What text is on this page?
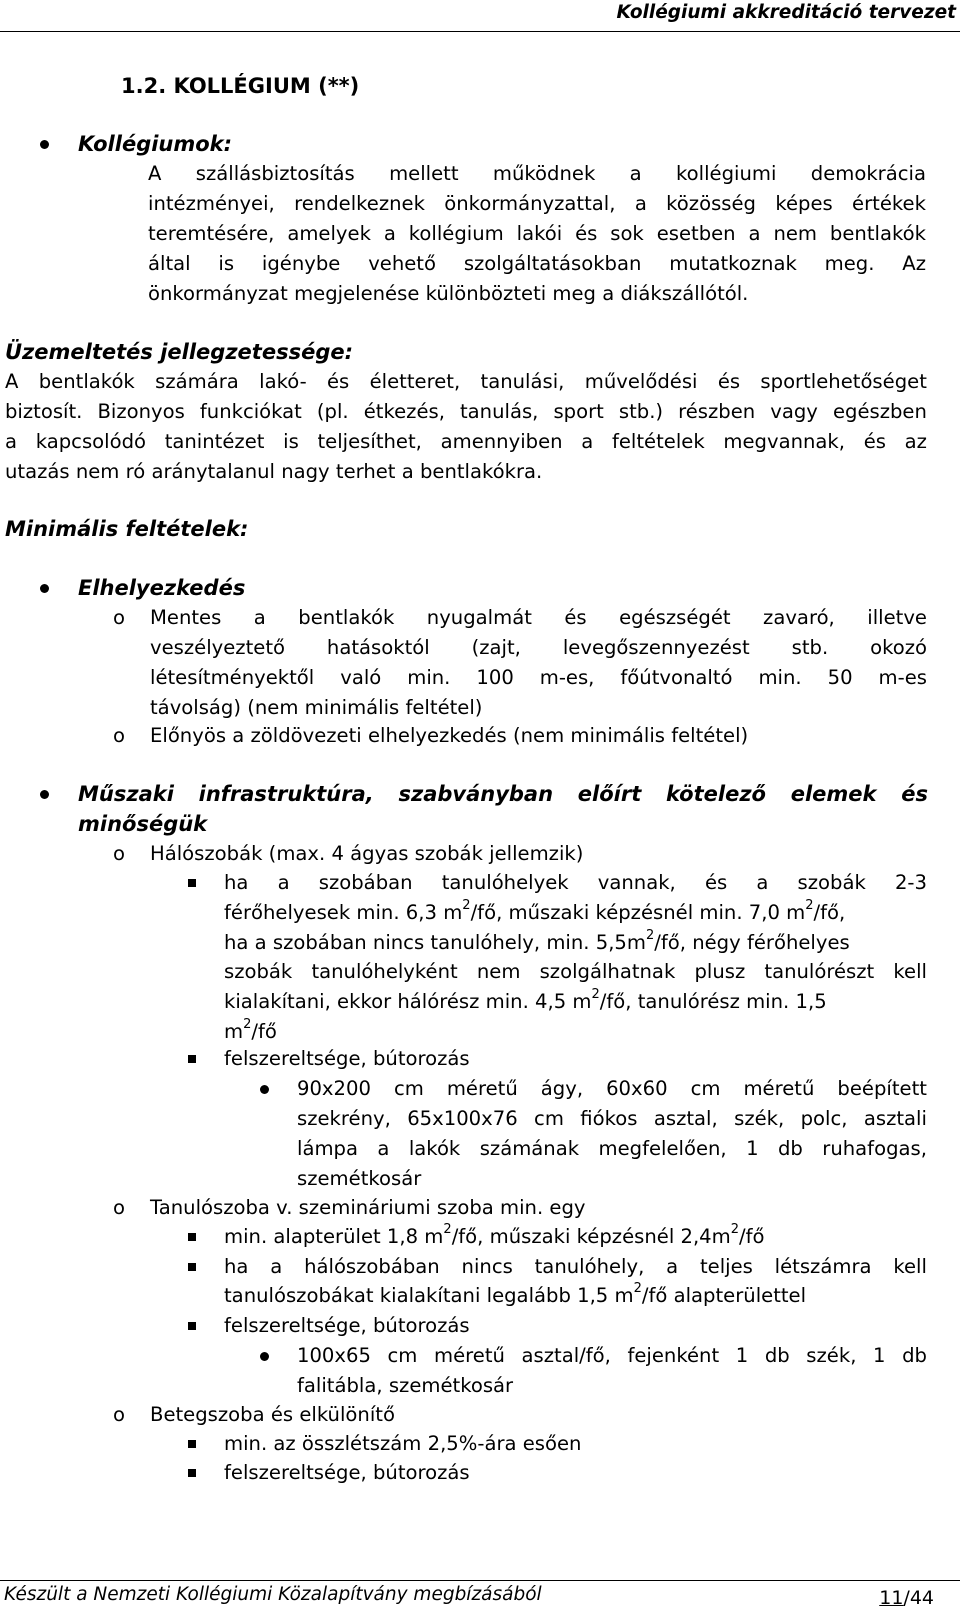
Kollégiumi akkreditáció tervezet
1.2. KOLLÉGIUM (**)
Kollégiumok:
A szállásbiztosítás mellett működnek a kollégiumi demokrácia
intézményei, rendelkeznek önkormányzattal, a közösség képes értékek
teremtésére, amelyek a kollégium lakói és sok esetben a nem bentlakók
által is igénybe vehető szolgáltatásokban mutatkoznak meg. Az
önkormányzat megjelenése különbözteti meg a diákszállótól.
Üzemeltetés jellegzetessége:
A bentlakók számára lakó- és életteret, tanulási, művelődési és sportlehetőséget
biztosít. Bizonyos funkciókat (pl. étkezés, tanulás, sport stb.) részben vagy egészben
a kapcsolódó tanintézet is teljesíthet, amennyiben a feltételek megvannak, és az
utazás nem ró aránytalanul nagy terhet a bentlakókra.
Minimális feltételek:
Elhelyezkedés
o Mentes a bentlakók nyugalmát és egészségét zavaró, illetve
veszélyeztető hatásoktól (zajt, levegőszennyezést stb. okozó
létesítményektől való min. 100 m-es, főútvonaltó min. 50 m-es
távolság) (nem minimális feltétel)
o Előnyös a zöldövezeti elhelyezkedés (nem minimális feltétel)
Műszaki infrastruktúra, szabványban előírt kötelező elemek és
minőségük
o Hálószobák (max. 4 ágyas szobák jellemzik)
ha a szobában tanulóhelyek vannak, és a szobák 2-3
férőhelyesek min. 6,3 $m^2/fő$, műszaki képzésnél min. 7,0 $m^2/fő$,
ha a szobában nincs tanulóhely, min. $5,5m^2/fő$, négy férőhelyes
szobák tanulóhelyként nem szolgálhatnak plusz tanulórészt kell
kialakítani, ekkor hálórész min. 4,5 $m^2/fő$, tanulórész min. 1,5
$m^2/fő$
felszereltsége, bútorozás
90x200 cm méretű ágy, 60x60 cm méretű beépített
szekrény, 65x100x76 cm fiókos asztal, szék, polc, asztali
lámpa a lakók számának megfelelően, 1 db ruhafogas,
szemétkosár
o Tanulószoba v. szemináriumi szoba min. egy
min. alapterület 1,8 $m^2/fő$, műszaki képzésnél $2,4m^2/fő$
ha a hálószobában nincs tanulóhely, a teljes létszámra kell
tanulószobákat kialakítani legalább 1,5 $m^2/fő$ alapterülettel
felszereltsége, bútorozás
100x65 cm méretű asztal/fő, fejenként 1 db szék, 1 db
falitábla, szemétkosár
o Betegszoba és elkülönítő
min. az összlétszám 2,5%-ára esően
felszereltsége, bútorozás
Készült a Nemzeti Kollégiumi Közalapítvány megbízásából	11/44
